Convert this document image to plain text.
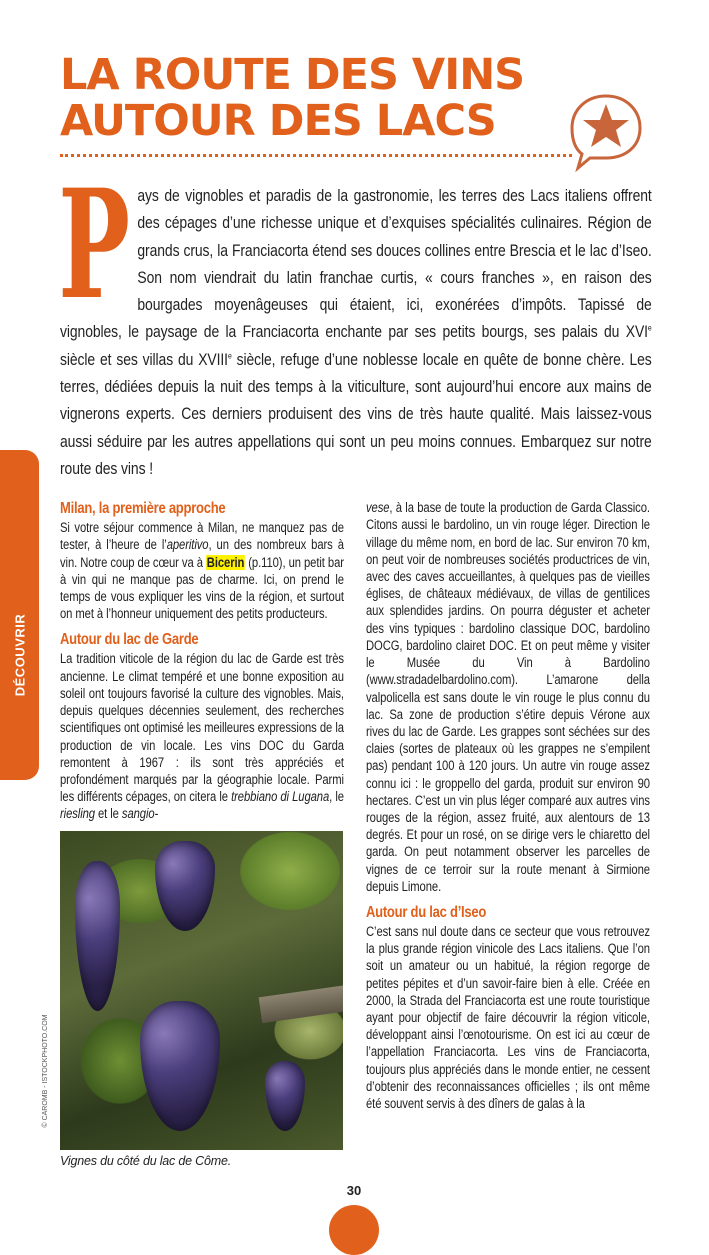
LA ROUTE DES VINS
AUTOUR DES LACS
DÉCOUVRIR

P ays de vignobles et paradis de la gastronomie, les terres des Lacs italiens offrent des cépages d’une richesse unique et d’exquises spécialités culinaires. Région de grands crus, la Franciacorta étend ses douces collines entre Brescia et le lac d’Iseo. Son nom viendrait du latin franchae curtis, « cours franches », en raison des bourgades moyenâgeuses qui étaient, ici, exonérées d’impôts. Tapissé de vignobles, le paysage de la Franciacorta enchante par ses petits bourgs, ses palais du XVIe siècle et ses villas du XVIIIe siècle, refuge d’une noblesse locale en quête de bonne chère. Les terres, dédiées depuis la nuit des temps à la viticulture, sont aujourd’hui encore aux mains de vignerons experts. Ces derniers produisent des vins de très haute qualité. Mais laissez-vous aussi séduire par les autres appellations qui sont un peu moins connues. Embarquez sur notre route des vins !

Milan, la première approche

Si votre séjour commence à Milan, ne manquez pas de tester, à l’heure de l’aperitivo, un des nombreux bars à vin. Notre coup de cœur va à Bicerin (p.110), un petit bar à vin qui ne manque pas de charme. Ici, on prend le temps de vous expliquer les vins de la région, et surtout on met à l’honneur uniquement des petits producteurs.

Autour du lac de Garde

La tradition viticole de la région du lac de Garde est très ancienne. Le climat tempéré et une bonne exposition au soleil ont toujours favorisé la culture des vignobles. Mais, depuis quelques décennies seulement, des recherches scientifiques ont optimisé les meilleures expressions de la production de vin locale. Les vins DOC du Garda remontent à 1967 : ils sont très appréciés et profondément marqués par la géographie locale. Parmi les différents cépages, on citera le trebbiano di Lugana, le riesling et le sangio-

© CAROMB - ISTOCKPHOTO.COM
Vignes du côté du lac de Côme.

vese, à la base de toute la production de Garda Classico. Citons aussi le bardolino, un vin rouge léger. Direction le village du même nom, en bord de lac. Sur environ 70 km, on peut voir de nombreuses sociétés productrices de vin, avec des caves accueillantes, à quelques pas de vieilles églises, de châteaux médiévaux, de villas de gentilices aux splendides jardins. On pourra déguster et acheter des vins typiques : bardolino classique DOC, bardolino DOCG, bardolino clairet DOC. Et on peut même y visiter le Musée du Vin à Bardolino (www.stradadelbardolino.com). L’amarone della valpolicella est sans doute le vin rouge le plus connu du lac. Sa zone de production s’étire depuis Vérone aux rives du lac de Garde. Les grappes sont séchées sur des claies (sortes de plateaux où les grappes ne s’empilent pas) pendant 100 à 120 jours. Un autre vin rouge assez connu ici : le groppello del garda, produit sur environ 90 hectares. C’est un vin plus léger comparé aux autres vins rouges de la région, assez fruité, aux alentours de 13 degrés. Et pour un rosé, on se dirige vers le chiaretto del garda. On peut notamment observer les parcelles de vignes de ce terroir sur la route menant à Sirmione depuis Limone.

Autour du lac d’Iseo

C’est sans nul doute dans ce secteur que vous retrouvez la plus grande région vinicole des Lacs italiens. Que l’on soit un amateur ou un habitué, la région regorge de petites pépites et d’un savoir-faire bien à elle. Créée en 2000, la Strada del Franciacorta est une route touristique ayant pour objectif de faire découvrir la région viticole, développant ainsi l’œnotourisme. On est ici au cœur de l’appellation Franciacorta. Les vins de Franciacorta, toujours plus appréciés dans le monde entier, ne cessent d’obtenir des reconnaissances officielles ; ils ont même été souvent servis à des dîners de galas à la

30
